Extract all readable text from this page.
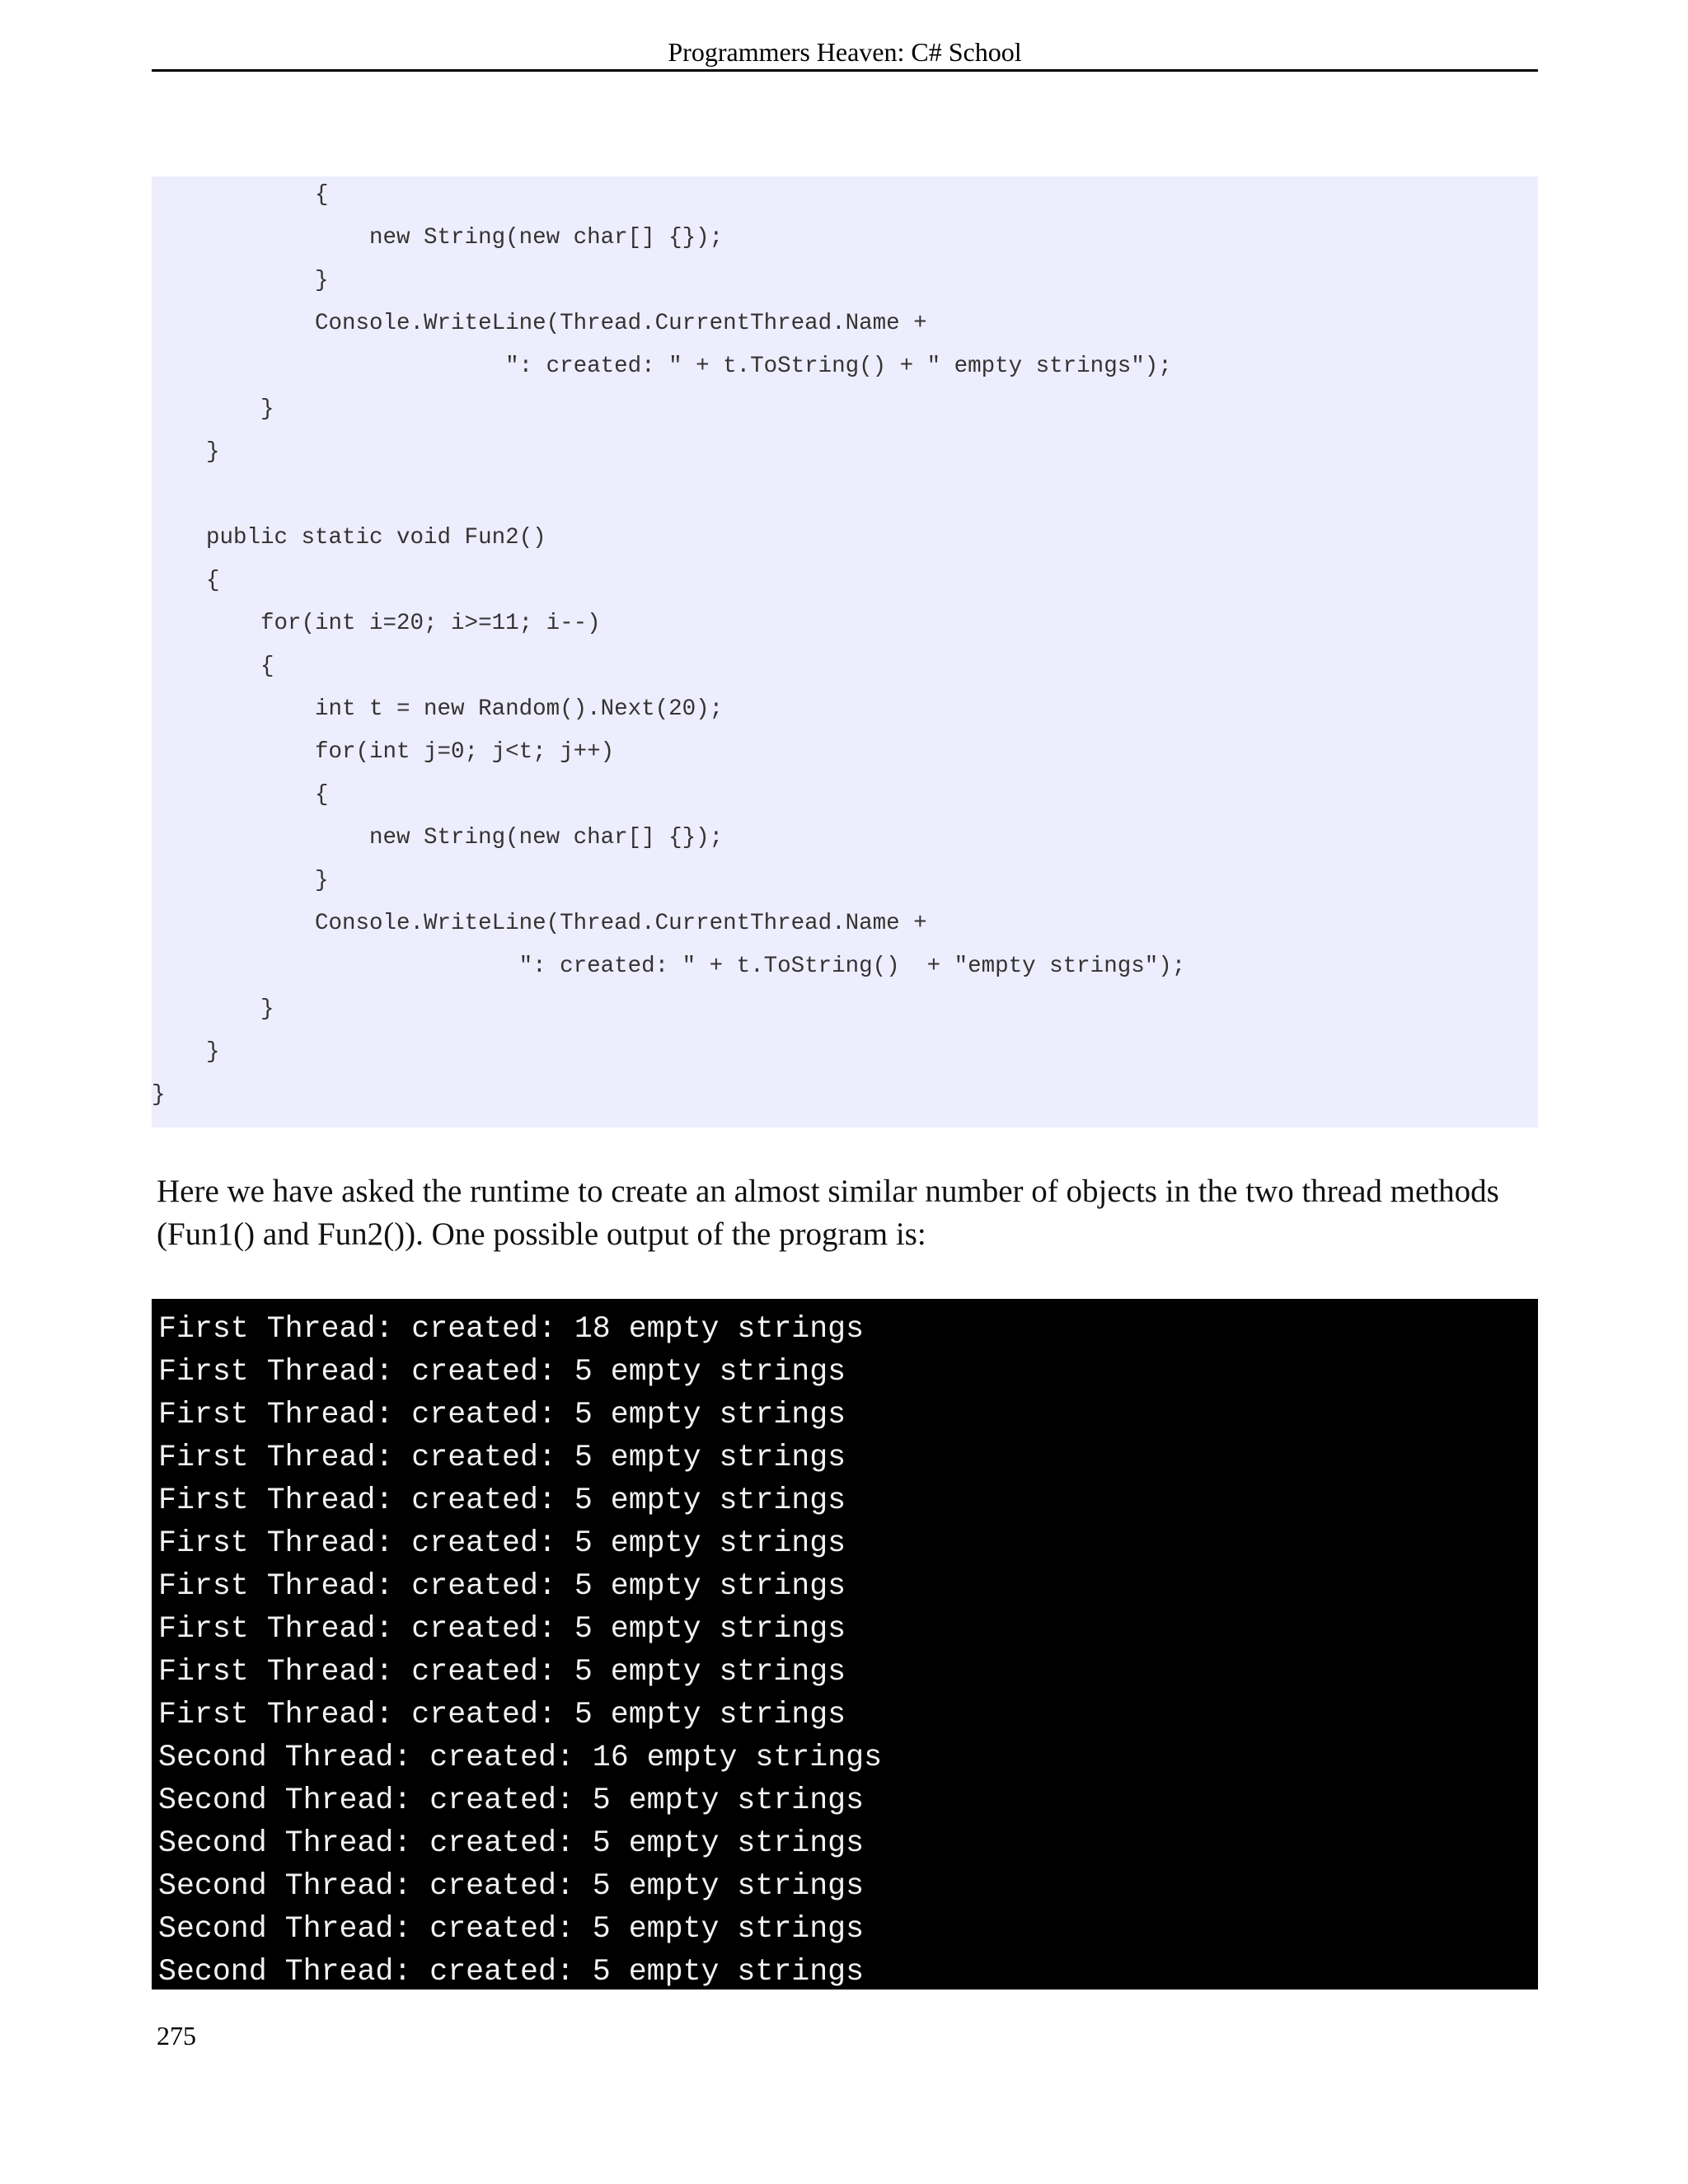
Programmers Heaven: C# School
{
new String(new char[] {});
}
Console.WriteLine(Thread.CurrentThread.Name +
": created: " + t.ToString() + " empty strings");
}
}
public static void Fun2()
{
for(int i=20; i>=11; i--)
{
int t = new Random().Next(20);
for(int j=0; j<t; j++)
{
new String(new char[] {});
}
Console.WriteLine(Thread.CurrentThread.Name +
": created: " + t.ToString()  + "empty strings");
}
}
}

Here we have asked the runtime to create an almost similar number of objects in the two thread methods (Fun1() and Fun2()). One possible output of the program is:

First Thread: created: 18 empty strings
First Thread: created: 5 empty strings
First Thread: created: 5 empty strings
First Thread: created: 5 empty strings
First Thread: created: 5 empty strings
First Thread: created: 5 empty strings
First Thread: created: 5 empty strings
First Thread: created: 5 empty strings
First Thread: created: 5 empty strings
First Thread: created: 5 empty strings
Second Thread: created: 16 empty strings
Second Thread: created: 5 empty strings
Second Thread: created: 5 empty strings
Second Thread: created: 5 empty strings
Second Thread: created: 5 empty strings
Second Thread: created: 5 empty strings
275
